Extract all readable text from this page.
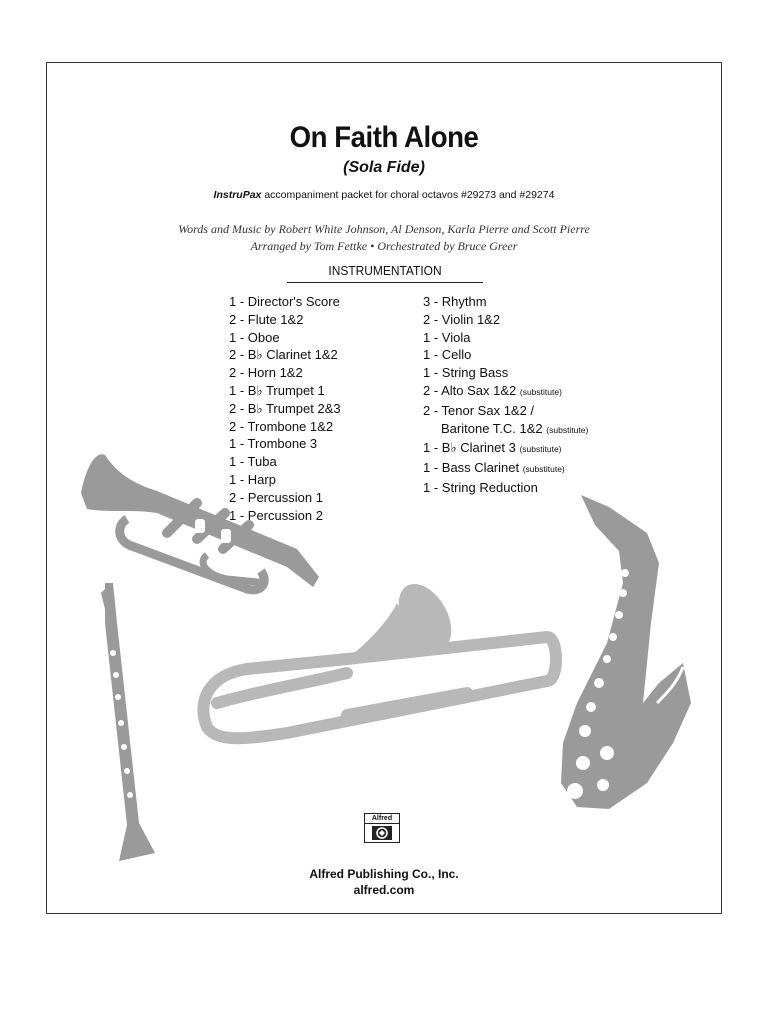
On Faith Alone
(Sola Fide)
InstruPax accompaniment packet for choral octavos #29273 and #29274
Words and Music by Robert White Johnson, Al Denson, Karla Pierre and Scott Pierre
Arranged by Tom Fettke • Orchestrated by Bruce Greer
INSTRUMENTATION
1 - Director's Score
2 - Flute 1&2
1 - Oboe
2 - B♭ Clarinet 1&2
2 - Horn 1&2
1 - B♭ Trumpet 1
2 - B♭ Trumpet 2&3
2 - Trombone 1&2
1 - Trombone 3
1 - Tuba
1 - Harp
2 - Percussion 1
1 - Percussion 2
3 - Rhythm
2 - Violin 1&2
1 - Viola
1 - Cello
1 - String Bass
2 - Alto Sax 1&2 (substitute)
2 - Tenor Sax 1&2 /
Baritone T.C. 1&2 (substitute)
1 - B♭ Clarinet 3 (substitute)
1 - Bass Clarinet (substitute)
1 - String Reduction
Alfred
Alfred Publishing Co., Inc.
alfred.com
